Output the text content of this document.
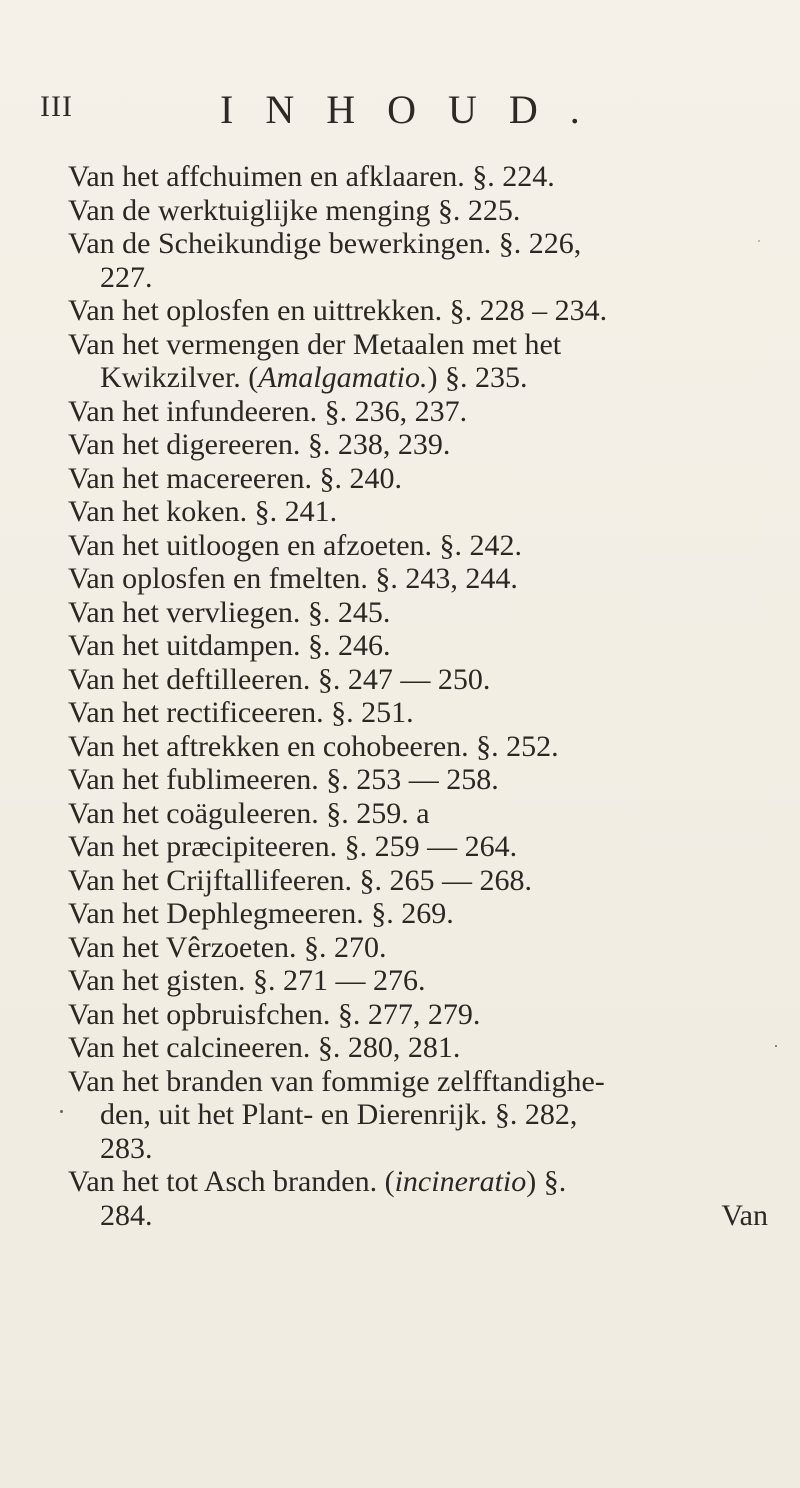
III	INHOUD.
Van het affchuimen en afklaaren. §. 224.
Van de werktuiglijke menging §. 225.
Van de Scheikundige bewerkingen. §. 226,
227.
Van het oplosfen en uittrekken. §. 228 – 234.
Van het vermengen der Metaalen met het
Kwikzilver. (Amalgamatio.) §. 235.
Van het infundeeren. §. 236, 237.
Van het digereeren. §. 238, 239.
Van het macereeren. §. 240.
Van het koken. §. 241.
Van het uitloogen en afzoeten. §. 242.
Van oplosfen en fmelten. §. 243, 244.
Van het vervliegen. §. 245.
Van het uitdampen. §. 246.
Van het deftilleeren. §. 247 — 250.
Van het rectificeeren. §. 251.
Van het aftrekken en cohobeeren. §. 252.
Van het fublimeeren. §. 253 — 258.
Van het coäguleeren. §. 259. a
Van het præcipiteeren. §. 259 — 264.
Van het Crijftallifeeren. §. 265 — 268.
Van het Dephlegmeeren. §. 269.
Van het Vêrzoeten. §. 270.
Van het gisten. §. 271 — 276.
Van het opbruisfchen. §. 277, 279.
Van het calcineeren. §. 280, 281.
Van het branden van fommige zelfftandighe-
den, uit het Plant- en Dierenrijk. §. 282,
283.
Van het tot Asch branden. (incineratio) §.
284.	Van
